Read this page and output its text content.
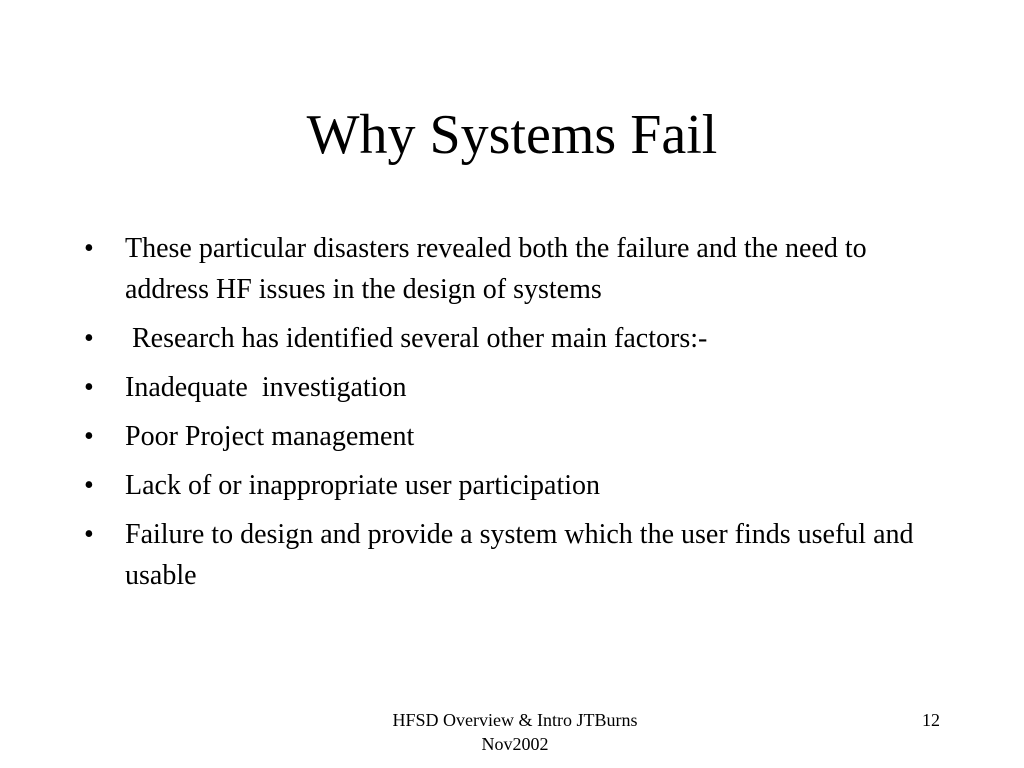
Why Systems Fail
•	These particular disasters revealed both the failure and the need to address HF issues in the design of systems
•	Research has identified several other main factors:-
•	Inadequate  investigation
•	Poor Project management
•	Lack of or inappropriate user participation
•	Failure to design and provide a system which the user finds useful and usable
HFSD Overview & Intro JTBurns
Nov2002
12
